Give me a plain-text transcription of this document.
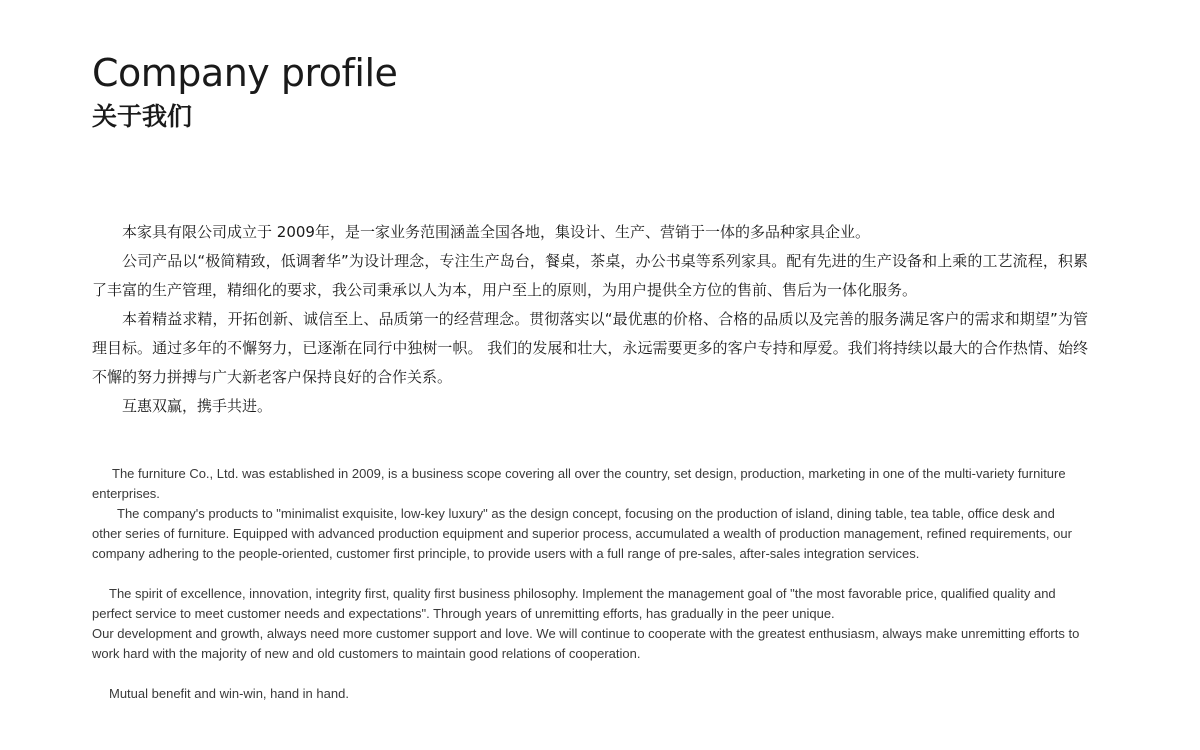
Company profile
关于我们

本家具有限公司成立于 2009年，是一家业务范围涵盖全国各地，集设计、生产、营销于一体的多品种家具企业。

公司产品以“极简精致，低调奢华”为设计理念，专注生产岛台，餐桌，茶桌，办公书桌等系列家具。配有先进的生产设备和上乘的工艺流程，积累了丰富的生产管理，精细化的要求，我公司秉承以人为本，用户至上的原则，为用户提供全方位的售前、售后为一体化服务。

本着精益求精，开拓创新、诚信至上、品质第一的经营理念。贯彻落实以“最优惠的价格、合格的品质以及完善的服务满足客户的需求和期望”为管理目标。通过多年的不懈努力，已逐渐在同行中独树一帜。 我们的发展和壮大，永远需要更多的客户专持和厚爱。我们将持续以最大的合作热情、始终不懈的努力拼搏与广大新老客户保持良好的合作关系。

互惠双赢，携手共进。

The furniture Co., Ltd. was established in 2009, is a business scope covering all over the country, set design, production, marketing in one of the multi-variety furniture enterprises.

The company's products to "minimalist exquisite, low-key luxury" as the design concept, focusing on the production of island, dining table, tea table, office desk and other series of furniture. Equipped with advanced production equipment and superior process, accumulated a wealth of production management, refined requirements, our company adhering to the people-oriented, customer first principle, to provide users with a full range of pre-sales, after-sales integration services.

The spirit of excellence, innovation, integrity first, quality first business philosophy. Implement the management goal of "the most favorable price, qualified quality and perfect service to meet customer needs and expectations". Through years of unremitting efforts, has gradually in the peer unique.

Our development and growth, always need more customer support and love. We will continue to cooperate with the greatest enthusiasm, always make unremitting efforts to work hard with the majority of new and old customers to maintain good relations of cooperation.

Mutual benefit and win-win, hand in hand.
